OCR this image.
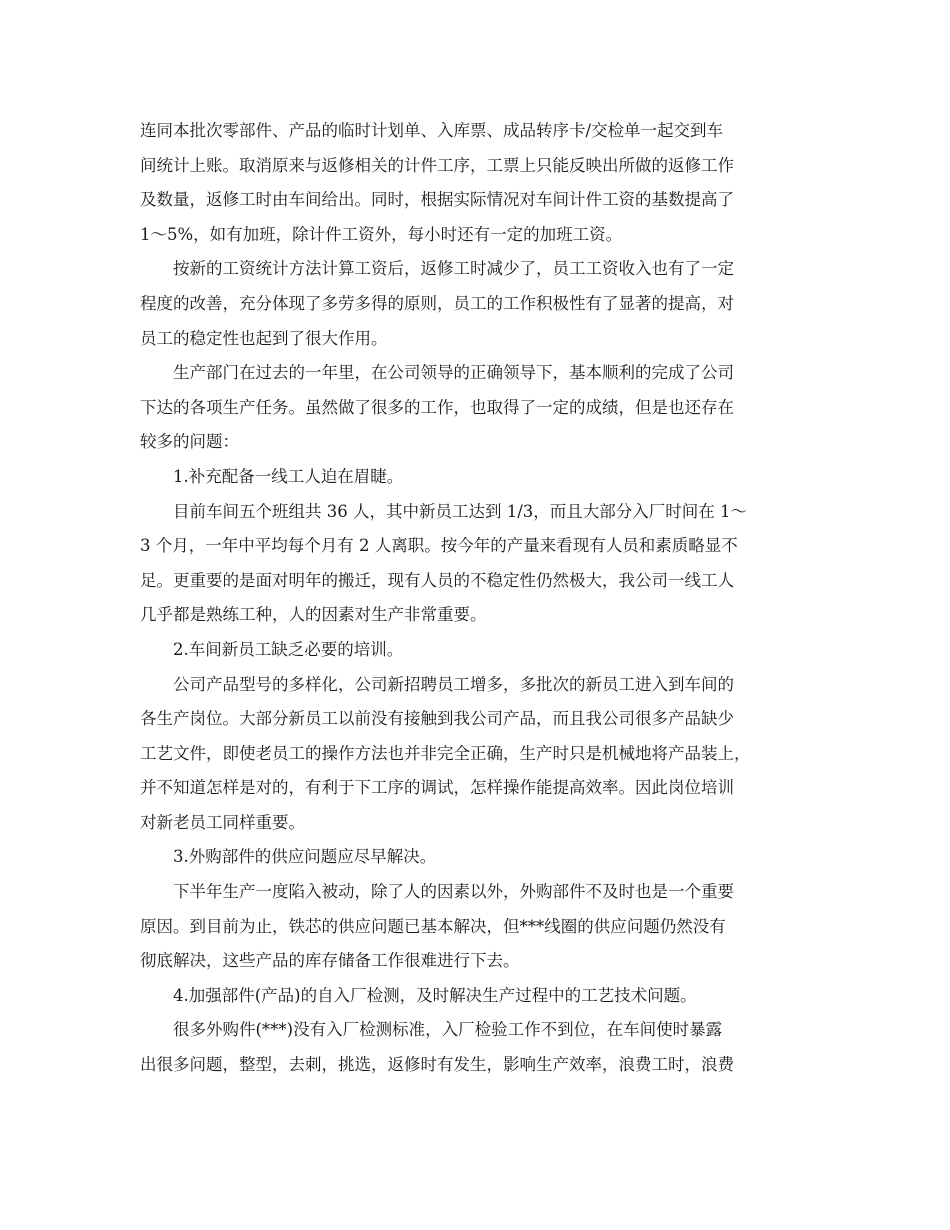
连同本批次零部件、产品的临时计划单、入库票、成品转序卡/交检单一起交到车
间统计上账。取消原来与返修相关的计件工序，工票上只能反映出所做的返修工作
及数量，返修工时由车间给出。同时，根据实际情况对车间计件工资的基数提高了
1～5%，如有加班，除计件工资外，每小时还有一定的加班工资。
按新的工资统计方法计算工资后，返修工时减少了，员工工资收入也有了一定
程度的改善，充分体现了多劳多得的原则，员工的工作积极性有了显著的提高，对
员工的稳定性也起到了很大作用。
生产部门在过去的一年里，在公司领导的正确领导下，基本顺利的完成了公司
下达的各项生产任务。虽然做了很多的工作，也取得了一定的成绩，但是也还存在
较多的问题：
1.补充配备一线工人迫在眉睫。
目前车间五个班组共 36 人，其中新员工达到 1/3，而且大部分入厂时间在 1～
3 个月，一年中平均每个月有 2 人离职。按今年的产量来看现有人员和素质略显不
足。更重要的是面对明年的搬迁，现有人员的不稳定性仍然极大，我公司一线工人
几乎都是熟练工种，人的因素对生产非常重要。
2.车间新员工缺乏必要的培训。
公司产品型号的多样化，公司新招聘员工增多，多批次的新员工进入到车间的
各生产岗位。大部分新员工以前没有接触到我公司产品，而且我公司很多产品缺少
工艺文件，即使老员工的操作方法也并非完全正确，生产时只是机械地将产品装上，
并不知道怎样是对的，有利于下工序的调试，怎样操作能提高效率。因此岗位培训
对新老员工同样重要。
3.外购部件的供应问题应尽早解决。
下半年生产一度陷入被动，除了人的因素以外，外购部件不及时也是一个重要
原因。到目前为止，铁芯的供应问题已基本解决，但***线圈的供应问题仍然没有
彻底解决，这些产品的库存储备工作很难进行下去。
4.加强部件(产品)的自入厂检测，及时解决生产过程中的工艺技术问题。
很多外购件(***)没有入厂检测标准，入厂检验工作不到位，在车间使时暴露
出很多问题，整型，去刺，挑选，返修时有发生，影响生产效率，浪费工时，浪费
